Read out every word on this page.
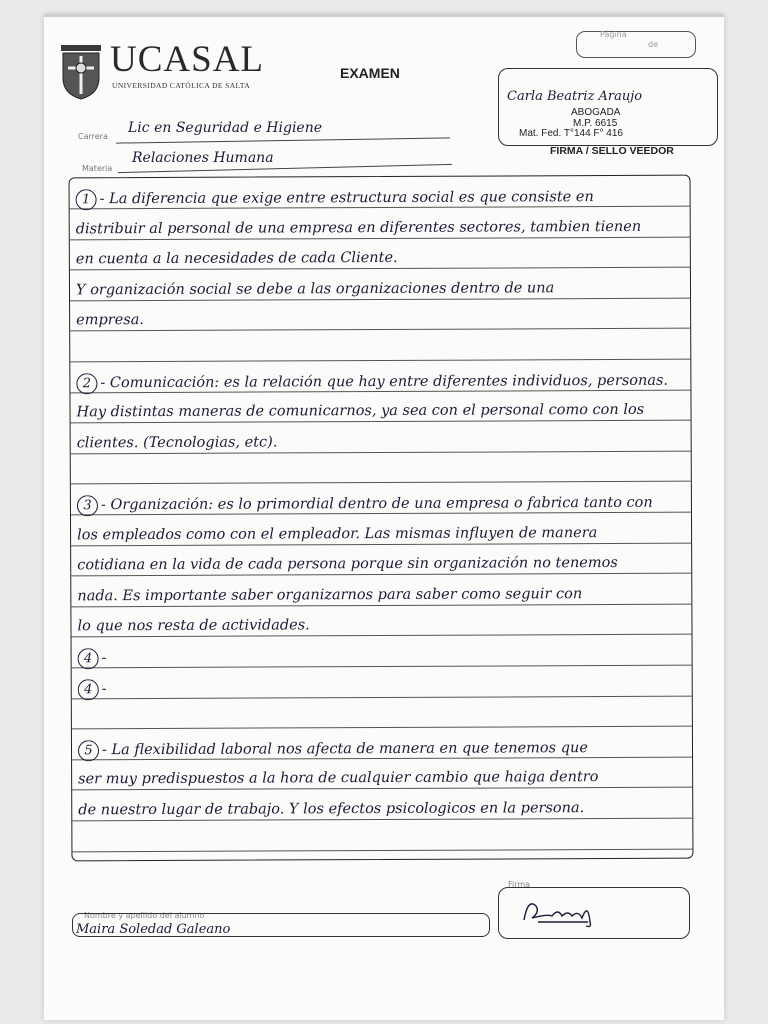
Página
de
UCASAL
UNIVERSIDAD CATÓLICA DE SALTA
EXAMEN
Carla Beatriz Araujo
ABOGADA
M.P. 6615
Mat. Fed. T°144 F° 416
FIRMA / SELLO VEEDOR
Carrera
Lic en Seguridad e Higiene
Materia
Relaciones Humana
1 - La diferencia que exige entre estructura social es que consiste en
distribuir al personal de una empresa en diferentes sectores, tambien tienen
en cuenta a la necesidades de cada Cliente.
Y organización social se debe a las organizaciones dentro de una
empresa.
2 - Comunicación: es la relación que hay entre diferentes individuos, personas.
Hay distintas maneras de comunicarnos, ya sea con el personal como con los
clientes. (Tecnologias, etc).
3 - Organización: es lo primordial dentro de una empresa o fabrica tanto con
los empleados como con el empleador. Las mismas influyen de manera
cotidiana en la vida de cada persona porque sin organización no tenemos
nada. Es importante saber organizarnos para saber como seguir con
lo que nos resta de actividades.
4 -
4 -
5 - La flexibilidad laboral nos afecta de manera en que tenemos que
ser muy predispuestos a la hora de cualquier cambio que haiga dentro
de nuestro lugar de trabajo. Y los efectos psicologicos en la persona.
Nombre y apellido del alumno
Maira Soledad Galeano
Firma
